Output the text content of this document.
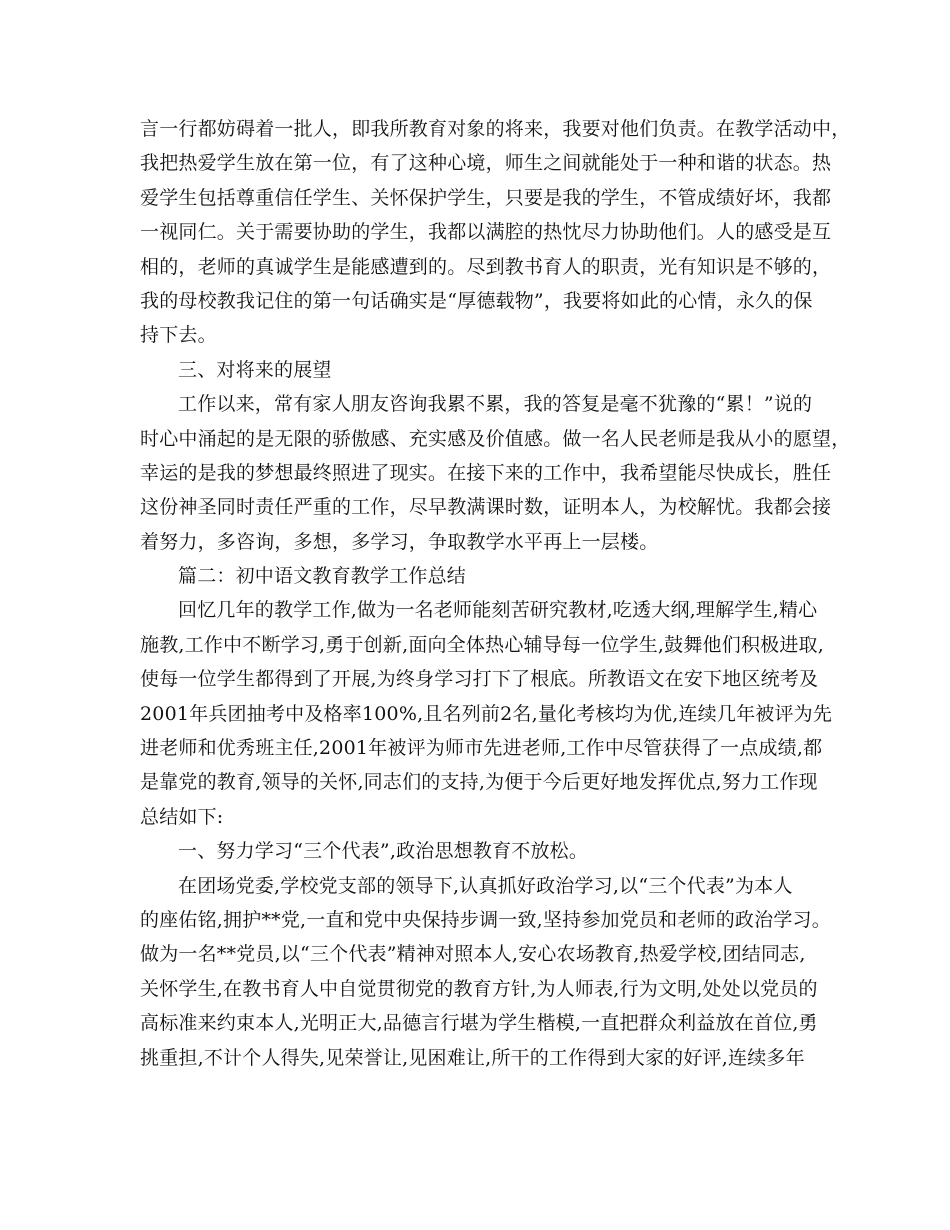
言一行都妨碍着一批人，即我所教育对象的将来，我要对他们负责。在教学活动中，
我把热爱学生放在第一位，有了这种心境，师生之间就能处于一种和谐的状态。热
爱学生包括尊重信任学生、关怀保护学生，只要是我的学生，不管成绩好坏，我都
一视同仁。关于需要协助的学生，我都以满腔的热忱尽力协助他们。人的感受是互
相的，老师的真诚学生是能感遭到的。尽到教书育人的职责，光有知识是不够的，
我的母校教我记住的第一句话确实是“厚德载物”，我要将如此的心情，永久的保
持下去。
三、对将来的展望
工作以来，常有家人朋友咨询我累不累，我的答复是毫不犹豫的“累！”说的
时心中涌起的是无限的骄傲感、充实感及价值感。做一名人民老师是我从小的愿望，
幸运的是我的梦想最终照进了现实。在接下来的工作中，我希望能尽快成长，胜任
这份神圣同时责任严重的工作，尽早教满课时数，证明本人，为校解忧。我都会接
着努力，多咨询，多想，多学习，争取教学水平再上一层楼。
篇二：初中语文教育教学工作总结
回忆几年的教学工作,做为一名老师能刻苦研究教材,吃透大纲,理解学生,精心
施教,工作中不断学习,勇于创新,面向全体热心辅导每一位学生,鼓舞他们积极进取,
使每一位学生都得到了开展,为终身学习打下了根底。所教语文在安下地区统考及
2001年兵团抽考中及格率100%,且名列前2名,量化考核均为优,连续几年被评为先
进老师和优秀班主任,2001年被评为师市先进老师,工作中尽管获得了一点成绩,都
是靠党的教育,领导的关怀,同志们的支持,为便于今后更好地发挥优点,努力工作现
总结如下:
一、努力学习“三个代表”,政治思想教育不放松。
在团场党委,学校党支部的领导下,认真抓好政治学习,以“三个代表”为本人
的座佑铭,拥护**党,一直和党中央保持步调一致,坚持参加党员和老师的政治学习。
做为一名**党员,以“三个代表”精神对照本人,安心农场教育,热爱学校,团结同志,
关怀学生,在教书育人中自觉贯彻党的教育方针,为人师表,行为文明,处处以党员的
高标准来约束本人,光明正大,品德言行堪为学生楷模,一直把群众利益放在首位,勇
挑重担,不计个人得失,见荣誉让,见困难让,所干的工作得到大家的好评,连续多年
